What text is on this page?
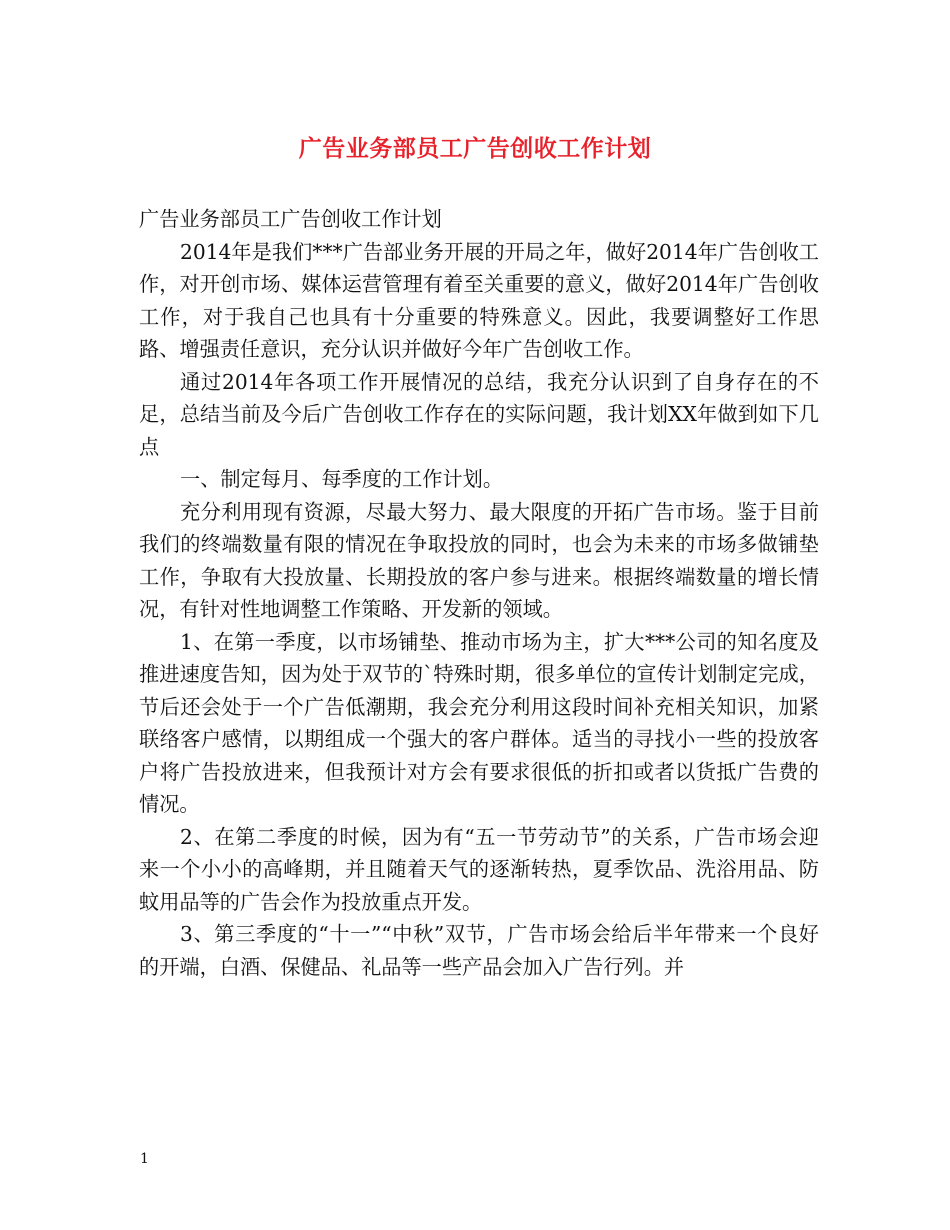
广告业务部员工广告创收工作计划

广告业务部员工广告创收工作计划

2014年是我们***广告部业务开展的开局之年，做好2014年广告创收工作，对开创市场、媒体运营管理有着至关重要的意义，做好2014年广告创收工作，对于我自己也具有十分重要的特殊意义。因此，我要调整好工作思路、增强责任意识，充分认识并做好今年广告创收工作。

通过2014年各项工作开展情况的总结，我充分认识到了自身存在的不足，总结当前及今后广告创收工作存在的实际问题，我计划XX年做到如下几点

一、制定每月、每季度的工作计划。

充分利用现有资源，尽最大努力、最大限度的开拓广告市场。鉴于目前我们的终端数量有限的情况在争取投放的同时，也会为未来的市场多做铺垫工作，争取有大投放量、长期投放的客户参与进来。根据终端数量的增长情况，有针对性地调整工作策略、开发新的领域。

1、在第一季度，以市场铺垫、推动市场为主，扩大***公司的知名度及推进速度告知，因为处于双节的`特殊时期，很多单位的宣传计划制定完成，节后还会处于一个广告低潮期，我会充分利用这段时间补充相关知识，加紧联络客户感情，以期组成一个强大的客户群体。适当的寻找小一些的投放客户将广告投放进来，但我预计对方会有要求很低的折扣或者以货抵广告费的情况。

2、在第二季度的时候，因为有“五一节劳动节”的关系，广告市场会迎来一个小小的高峰期，并且随着天气的逐渐转热，夏季饮品、洗浴用品、防蚊用品等的广告会作为投放重点开发。

3、第三季度的“十一”“中秋”双节，广告市场会给后半年带来一个良好的开端，白酒、保健品、礼品等一些产品会加入广告行列。并

1
